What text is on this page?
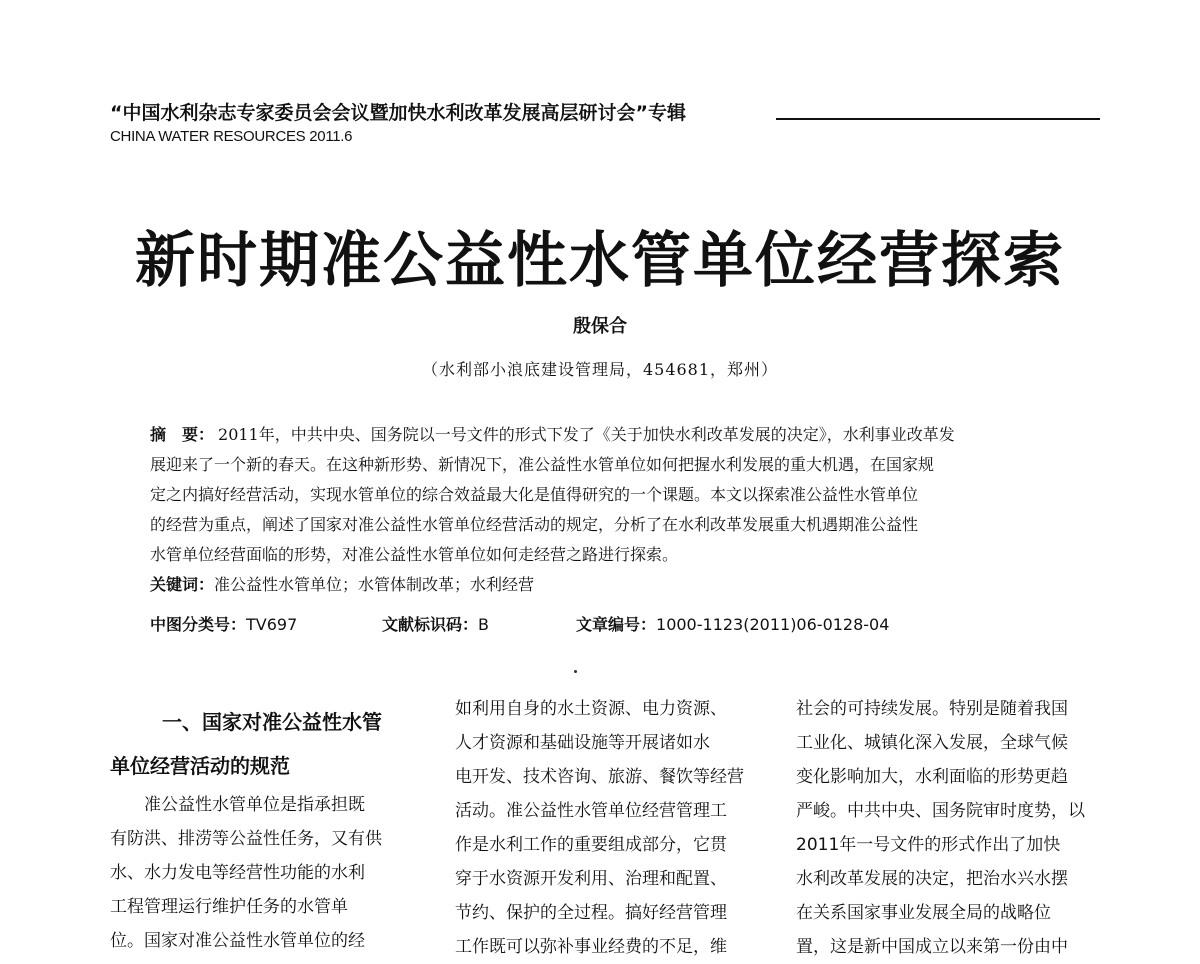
“中国水利杂志专家委员会会议暨加快水利改革发展高层研讨会”专辑
CHINA WATER RESOURCES 2011.6
新时期准公益性水管单位经营探索
殷保合
（水利部小浪底建设管理局，454681，郑州）
摘　要： 2011年，中共中央、国务院以一号文件的形式下发了《关于加快水利改革发展的决定》，水利事业改革发
展迎来了一个新的春天。在这种新形势、新情况下，准公益性水管单位如何把握水利发展的重大机遇，在国家规
定之内搞好经营活动，实现水管单位的综合效益最大化是值得研究的一个课题。本文以探索准公益性水管单位
的经营为重点，阐述了国家对准公益性水管单位经营活动的规定，分析了在水利改革发展重大机遇期准公益性
水管单位经营面临的形势，对准公益性水管单位如何走经营之路进行探索。
关键词：准公益性水管单位；水管体制改革；水利经营
中图分类号：TV697	文献标识码：B	文章编号：1000-1123(2011)06-0128-04
一、国家对准公益性水管
单位经营活动的规范
　　准公益性水管单位是指承担既
有防洪、排涝等公益性任务，又有供
水、水力发电等经营性功能的水利
工程管理运行维护任务的水管单
位。国家对准公益性水管单位的经
如利用自身的水土资源、电力资源、
人才资源和基础设施等开展诸如水
电开发、技术咨询、旅游、餐饮等经营
活动。准公益性水管单位经营管理工
作是水利工作的重要组成部分，它贯
穿于水资源开发利用、治理和配置、
节约、保护的全过程。搞好经营管理
工作既可以弥补事业经费的不足，维
社会的可持续发展。特别是随着我国
工业化、城镇化深入发展，全球气候
变化影响加大，水利面临的形势更趋
严峻。中共中央、国务院审时度势，以
2011年一号文件的形式作出了加快
水利改革发展的决定，把治水兴水摆
在关系国家事业发展全局的战略位
置，这是新中国成立以来第一份由中
